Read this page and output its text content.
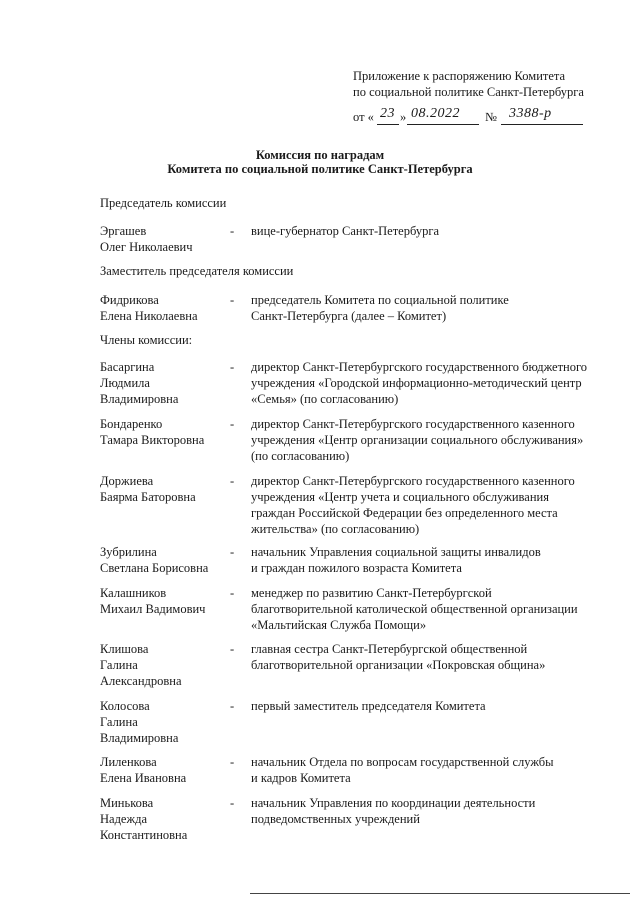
Приложение к распоряжению Комитета
по социальной политике Санкт-Петербурга
от « 23 » 08.2022 № 3388-р
Комиссия по наградам
Комитета по социальной политике Санкт-Петербурга
Председатель комиссии
Эргашев
Олег Николаевич
- вице-губернатор Санкт-Петербурга
Заместитель председателя комиссии
Фидрикова
Елена Николаевна
- председатель Комитета по социальной политике
Санкт-Петербурга (далее – Комитет)
Члены комиссии:
Басаргина
Людмила
Владимировна
- директор Санкт-Петербургского государственного бюджетного
учреждения «Городской информационно-методический центр
«Семья» (по согласованию)
Бондаренко
Тамара Викторовна
- директор Санкт-Петербургского государственного казенного
учреждения «Центр организации социального обслуживания»
(по согласованию)
Доржиева
Баярма Баторовна
- директор Санкт-Петербургского государственного казенного
учреждения «Центр учета и социального обслуживания
граждан Российской Федерации без определенного места
жительства» (по согласованию)
Зубрилина
Светлана Борисовна
- начальник Управления социальной защиты инвалидов
и граждан пожилого возраста Комитета
Калашников
Михаил Вадимович
- менеджер по развитию Санкт-Петербургской
благотворительной католической общественной организации
«Мальтийская Служба Помощи»
Клишова
Галина
Александровна
- главная сестра Санкт-Петербургской общественной
благотворительной организации «Покровская община»
Колосова
Галина
Владимировна
- первый заместитель председателя Комитета
Лиленкова
Елена Ивановна
- начальник Отдела по вопросам государственной службы
и кадров Комитета
Минькова
Надежда
Константиновна
- начальник Управления по координации деятельности
подведомственных учреждений
